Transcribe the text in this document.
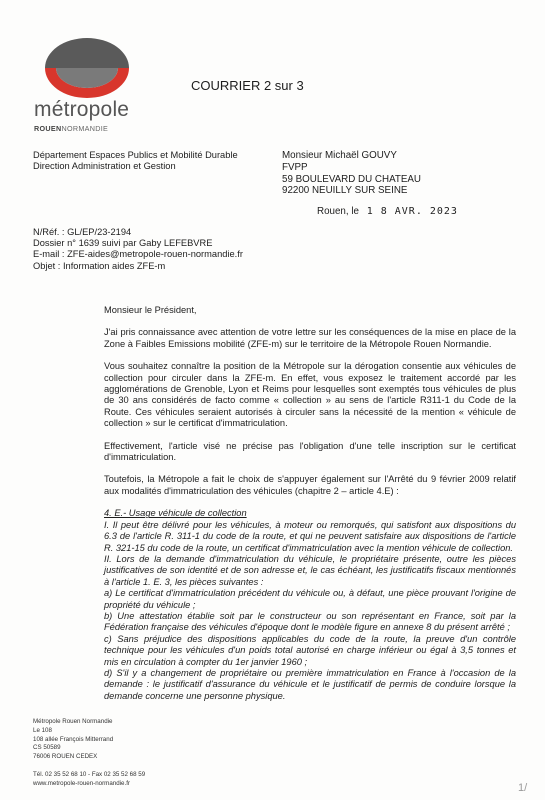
métropole
ROUENNORMANDIE
COURRIER 2 sur 3
Département Espaces Publics et Mobilité Durable
Direction Administration et Gestion
Monsieur Michaël GOUVY
FVPP
59 BOULEVARD DU CHATEAU
92200 NEUILLY SUR SEINE
Rouen, le 1 8 AVR. 2023
N/Réf. : GL/EP/23-2194
Dossier n° 1639 suivi par Gaby LEFEBVRE
E-mail : ZFE-aides@metropole-rouen-normandie.fr
Objet : Information aides ZFE-m
Monsieur le Président,
J'ai pris connaissance avec attention de votre lettre sur les conséquences de la mise en place de la Zone à Faibles Emissions mobilité (ZFE-m) sur le territoire de la Métropole Rouen Normandie.
Vous souhaitez connaître la position de la Métropole sur la dérogation consentie aux véhicules de collection pour circuler dans la ZFE-m. En effet, vous exposez le traitement accordé par les agglomérations de Grenoble, Lyon et Reims pour lesquelles sont exemptés tous véhicules de plus de 30 ans considérés de facto comme « collection » au sens de l'article R311-1 du Code de la Route. Ces véhicules seraient autorisés à circuler sans la nécessité de la mention « véhicule de collection » sur le certificat d'immatriculation.
Effectivement, l'article visé ne précise pas l'obligation d'une telle inscription sur le certificat d'immatriculation.
Toutefois, la Métropole a fait le choix de s'appuyer également sur l'Arrêté du 9 février 2009 relatif aux modalités d'immatriculation des véhicules (chapitre 2 – article 4.E) :
4. E.- Usage véhicule de collection
I. Il peut être délivré pour les véhicules, à moteur ou remorqués, qui satisfont aux dispositions du 6.3 de l'article R. 311-1 du code de la route, et qui ne peuvent satisfaire aux dispositions de l'article R. 321-15 du code de la route, un certificat d'immatriculation avec la mention véhicule de collection.
II. Lors de la demande d'immatriculation du véhicule, le propriétaire présente, outre les pièces justificatives de son identité et de son adresse et, le cas échéant, les justificatifs fiscaux mentionnés à l'article 1. E. 3, les pièces suivantes :
a) Le certificat d'immatriculation précédent du véhicule ou, à défaut, une pièce prouvant l'origine de propriété du véhicule ;
b) Une attestation établie soit par le constructeur ou son représentant en France, soit par la Fédération française des véhicules d'époque dont le modèle figure en annexe 8 du présent arrêté ;
c) Sans préjudice des dispositions applicables du code de la route, la preuve d'un contrôle technique pour les véhicules d'un poids total autorisé en charge inférieur ou égal à 3,5 tonnes et mis en circulation à compter du 1er janvier 1960 ;
d) S'il y a changement de propriétaire ou première immatriculation en France à l'occasion de la demande : le justificatif d'assurance du véhicule et le justificatif de permis de conduire lorsque la demande concerne une personne physique.
Métropole Rouen Normandie
Le 108
108 allée François Mitterrand
CS 50589
76006 ROUEN CEDEX
Tél. 02 35 52 68 10 - Fax 02 35 52 68 59
www.metropole-rouen-normandie.fr	1/
